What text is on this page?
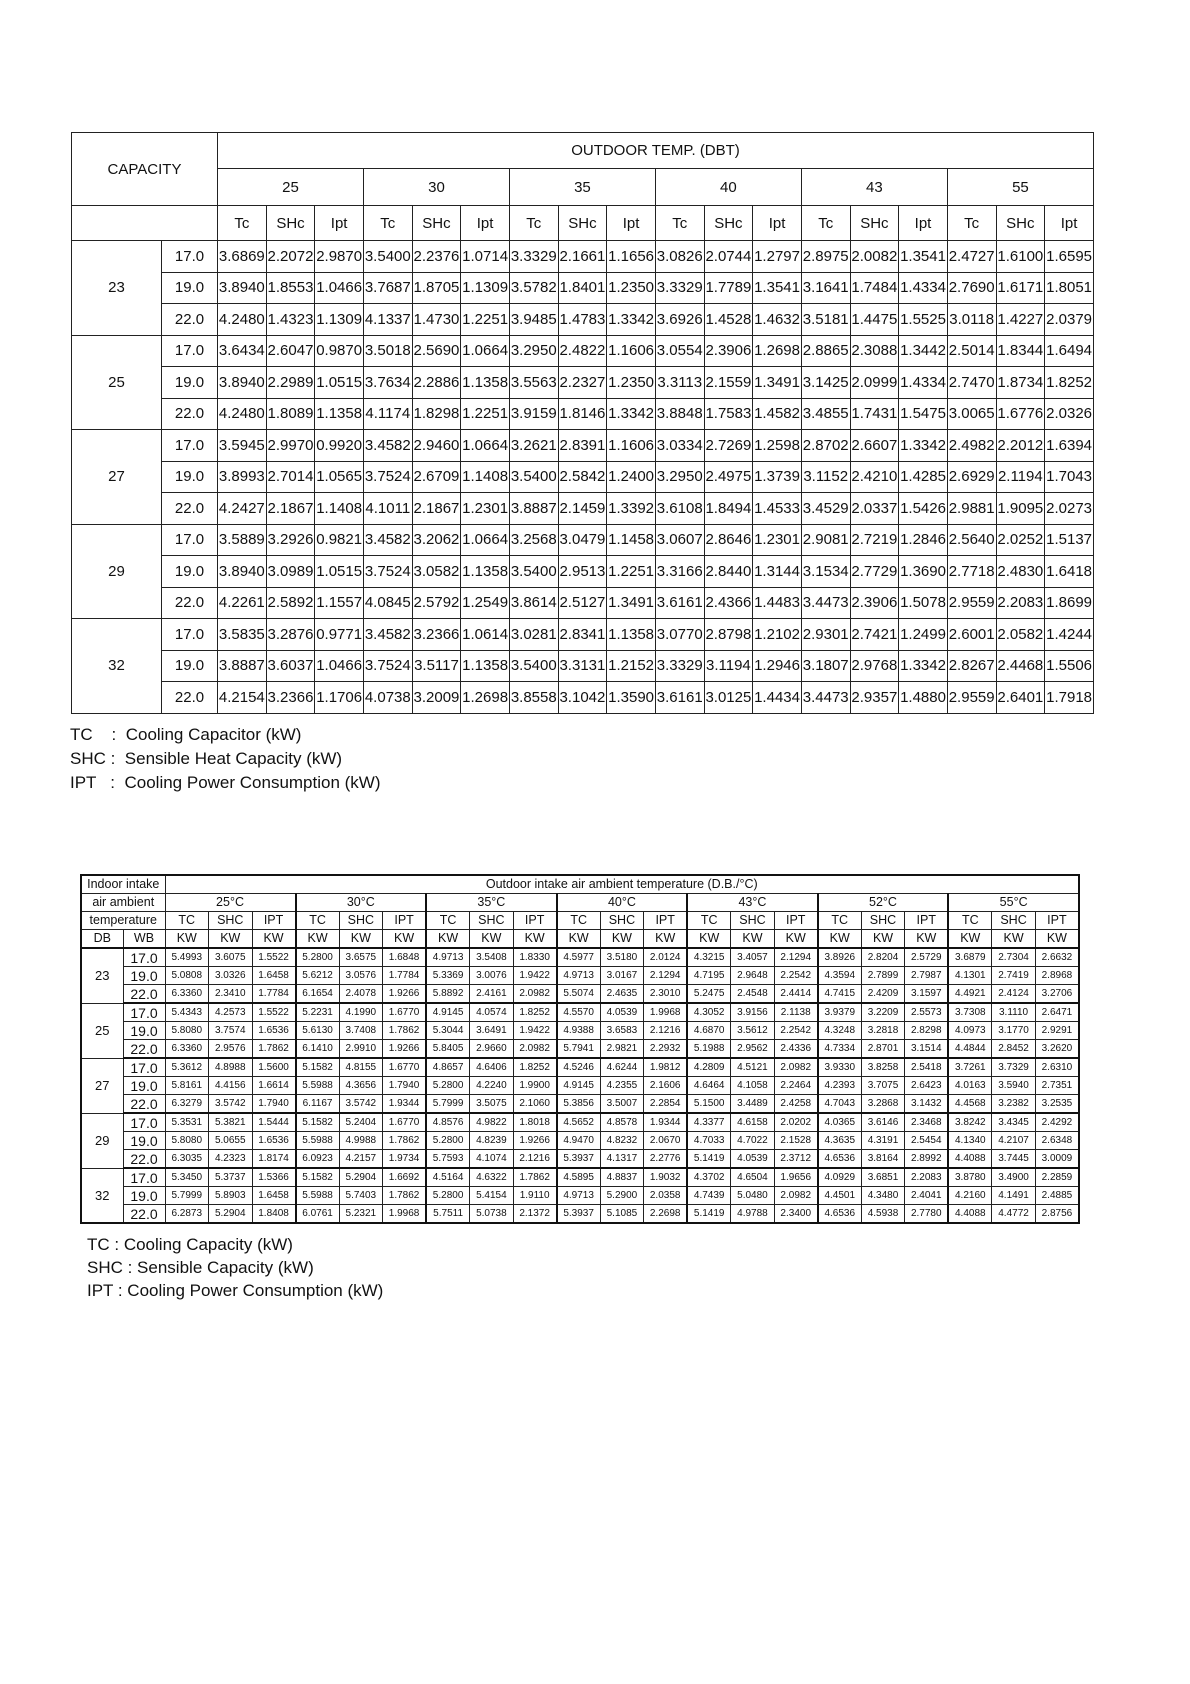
CAPACITY		OUTDOOR TEMP. (DBT)																	
		25			30			35			40			43			55		
		Tc	SHc	Ipt	Tc	SHc	Ipt	Tc	SHc	Ipt	Tc	SHc	Ipt	Tc	SHc	Ipt	Tc	SHc	Ipt
23	17.0	3.6869	2.2072	2.9870	3.5400	2.2376	1.0714	3.3329	2.1661	1.1656	3.0826	2.0744	1.2797	2.8975	2.0082	1.3541	2.4727	1.6100	1.6595
	19.0	3.8940	1.8553	1.0466	3.7687	1.8705	1.1309	3.5782	1.8401	1.2350	3.3329	1.7789	1.3541	3.1641	1.7484	1.4334	2.7690	1.6171	1.8051
	22.0	4.2480	1.4323	1.1309	4.1337	1.4730	1.2251	3.9485	1.4783	1.3342	3.6926	1.4528	1.4632	3.5181	1.4475	1.5525	3.0118	1.4227	2.0379
25	17.0	3.6434	2.6047	0.9870	3.5018	2.5690	1.0664	3.2950	2.4822	1.1606	3.0554	2.3906	1.2698	2.8865	2.3088	1.3442	2.5014	1.8344	1.6494
	19.0	3.8940	2.2989	1.0515	3.7634	2.2886	1.1358	3.5563	2.2327	1.2350	3.3113	2.1559	1.3491	3.1425	2.0999	1.4334	2.7470	1.8734	1.8252
	22.0	4.2480	1.8089	1.1358	4.1174	1.8298	1.2251	3.9159	1.8146	1.3342	3.8848	1.7583	1.4582	3.4855	1.7431	1.5475	3.0065	1.6776	2.0326
27	17.0	3.5945	2.9970	0.9920	3.4582	2.9460	1.0664	3.2621	2.8391	1.1606	3.0334	2.7269	1.2598	2.8702	2.6607	1.3342	2.4982	2.2012	1.6394
	19.0	3.8993	2.7014	1.0565	3.7524	2.6709	1.1408	3.5400	2.5842	1.2400	3.2950	2.4975	1.3739	3.1152	2.4210	1.4285	2.6929	2.1194	1.7043
	22.0	4.2427	2.1867	1.1408	4.1011	2.1867	1.2301	3.8887	2.1459	1.3392	3.6108	1.8494	1.4533	3.4529	2.0337	1.5426	2.9881	1.9095	2.0273
29	17.0	3.5889	3.2926	0.9821	3.4582	3.2062	1.0664	3.2568	3.0479	1.1458	3.0607	2.8646	1.2301	2.9081	2.7219	1.2846	2.5640	2.0252	1.5137
	19.0	3.8940	3.0989	1.0515	3.7524	3.0582	1.1358	3.5400	2.9513	1.2251	3.3166	2.8440	1.3144	3.1534	2.7729	1.3690	2.7718	2.4830	1.6418
	22.0	4.2261	2.5892	1.1557	4.0845	2.5792	1.2549	3.8614	2.5127	1.3491	3.6161	2.4366	1.4483	3.4473	2.3906	1.5078	2.9559	2.2083	1.8699
32	17.0	3.5835	3.2876	0.9771	3.4582	3.2366	1.0614	3.0281	2.8341	1.1358	3.0770	2.8798	1.2102	2.9301	2.7421	1.2499	2.6001	2.0582	1.4244
	19.0	3.8887	3.6037	1.0466	3.7524	3.5117	1.1358	3.5400	3.3131	1.2152	3.3329	3.1194	1.2946	3.1807	2.9768	1.3342	2.8267	2.4468	1.5506
	22.0	4.2154	3.2366	1.1706	4.0738	3.2009	1.2698	3.8558	3.1042	1.3590	3.6161	3.0125	1.4434	3.4473	2.9357	1.4880	2.9559	2.6401	1.7918
TC    :  Cooling Capacitor (kW)
SHC :  Sensible Heat Capacity (kW)
IPT   :  Cooling Power Consumption (kW)
Indoor intake		Outdoor intake air ambient temperature (D.B./°C)																				
air ambient		25°C			30°C			35°C			40°C			43°C			52°C			55°C		
temperature		TC	SHC	IPT	TC	SHC	IPT	TC	SHC	IPT	TC	SHC	IPT	TC	SHC	IPT	TC	SHC	IPT	TC	SHC	IPT
DB	WB	KW	KW	KW	KW	KW	KW	KW	KW	KW	KW	KW	KW	KW	KW	KW	KW	KW	KW	KW	KW	KW
23	17.0	5.4993	3.6075	1.5522	5.2800	3.6575	1.6848	4.9713	3.5408	1.8330	4.5977	3.5180	2.0124	4.3215	3.4057	2.1294	3.8926	2.8204	2.5729	3.6879	2.7304	2.6632
	19.0	5.0808	3.0326	1.6458	5.6212	3.0576	1.7784	5.3369	3.0076	1.9422	4.9713	3.0167	2.1294	4.7195	2.9648	2.2542	4.3594	2.7899	2.7987	4.1301	2.7419	2.8968
	22.0	6.3360	2.3410	1.7784	6.1654	2.4078	1.9266	5.8892	2.4161	2.0982	5.5074	2.4635	2.3010	5.2475	2.4548	2.4414	4.7415	2.4209	3.1597	4.4921	2.4124	3.2706
25	17.0	5.4343	4.2573	1.5522	5.2231	4.1990	1.6770	4.9145	4.0574	1.8252	4.5570	4.0539	1.9968	4.3052	3.9156	2.1138	3.9379	3.2209	2.5573	3.7308	3.1110	2.6471
	19.0	5.8080	3.7574	1.6536	5.6130	3.7408	1.7862	5.3044	3.6491	1.9422	4.9388	3.6583	2.1216	4.6870	3.5612	2.2542	4.3248	3.2818	2.8298	4.0973	3.1770	2.9291
	22.0	6.3360	2.9576	1.7862	6.1410	2.9910	1.9266	5.8405	2.9660	2.0982	5.7941	2.9821	2.2932	5.1988	2.9562	2.4336	4.7334	2.8701	3.1514	4.4844	2.8452	3.2620
27	17.0	5.3612	4.8988	1.5600	5.1582	4.8155	1.6770	4.8657	4.6406	1.8252	4.5246	4.6244	1.9812	4.2809	4.5121	2.0982	3.9330	3.8258	2.5418	3.7261	3.7329	2.6310
	19.0	5.8161	4.4156	1.6614	5.5988	4.3656	1.7940	5.2800	4.2240	1.9900	4.9145	4.2355	2.1606	4.6464	4.1058	2.2464	4.2393	3.7075	2.6423	4.0163	3.5940	2.7351
	22.0	6.3279	3.5742	1.7940	6.1167	3.5742	1.9344	5.7999	3.5075	2.1060	5.3856	3.5007	2.2854	5.1500	3.4489	2.4258	4.7043	3.2868	3.1432	4.4568	3.2382	3.2535
29	17.0	5.3531	5.3821	1.5444	5.1582	5.2404	1.6770	4.8576	4.9822	1.8018	4.5652	4.8578	1.9344	4.3377	4.6158	2.0202	4.0365	3.6146	2.3468	3.8242	3.4345	2.4292
	19.0	5.8080	5.0655	1.6536	5.5988	4.9988	1.7862	5.2800	4.8239	1.9266	4.9470	4.8232	2.0670	4.7033	4.7022	2.1528	4.3635	4.3191	2.5454	4.1340	4.2107	2.6348
	22.0	6.3035	4.2323	1.8174	6.0923	4.2157	1.9734	5.7593	4.1074	2.1216	5.3937	4.1317	2.2776	5.1419	4.0539	2.3712	4.6536	3.8164	2.8992	4.4088	3.7445	3.0009
32	17.0	5.3450	5.3737	1.5366	5.1582	5.2904	1.6692	4.5164	4.6322	1.7862	4.5895	4.8837	1.9032	4.3702	4.6504	1.9656	4.0929	3.6851	2.2083	3.8780	3.4900	2.2859
	19.0	5.7999	5.8903	1.6458	5.5988	5.7403	1.7862	5.2800	5.4154	1.9110	4.9713	5.2900	2.0358	4.7439	5.0480	2.0982	4.4501	4.3480	2.4041	4.2160	4.1491	2.4885
	22.0	6.2873	5.2904	1.8408	6.0761	5.2321	1.9968	5.7511	5.0738	2.1372	5.3937	5.1085	2.2698	5.1419	4.9788	2.3400	4.6536	4.5938	2.7780	4.4088	4.4772	2.8756
TC : Cooling Capacity (kW)
SHC : Sensible Capacity (kW)
IPT : Cooling Power Consumption (kW)
